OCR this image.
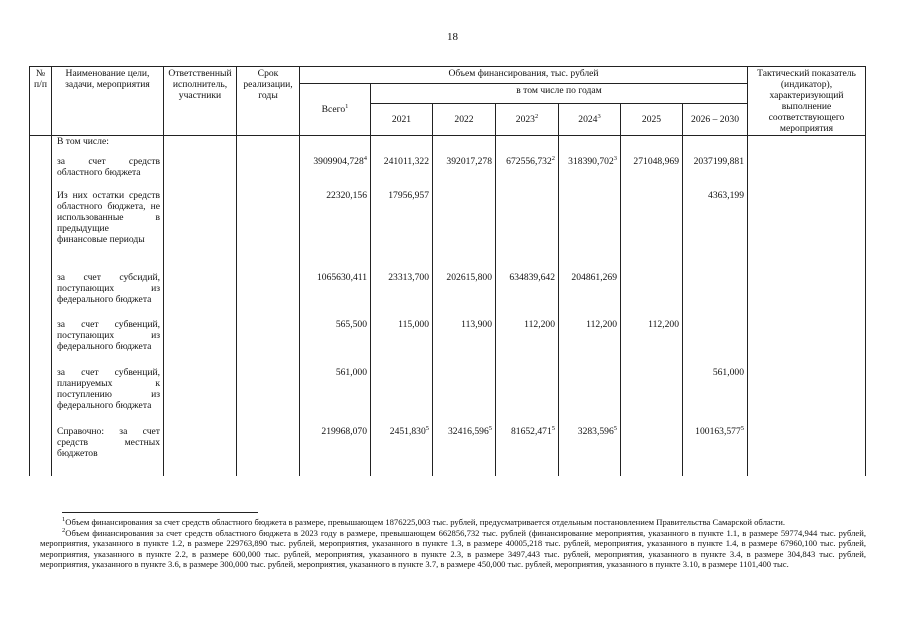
18
№ п/п	Наименование цели, задачи, мероприятия	Ответственный исполнитель, участники	Срок реализации, годы	Объем финансирования, тыс. рублей							Тактический показатель (индикатор), характеризующий выполнение соответствующего мероприятия
				Всего$^1$	в том числе по годам						
					2021	2022	2023$^2$	2024$^3$	2025	2026 – 2030	
	В том числе:										
	за счет средств областного бюджета			3909904,728$^4$	241011,322	392017,278	672556,732$^2$	318390,702$^3$	271048,969	2037199,881	
	Из них остатки средств областного бюджета, не использованные в предыдущие финансовые периоды			22320,156	17956,957					4363,199	
	за счет субсидий, поступающих из федерального бюджета			1065630,411	23313,700	202615,800	634839,642	204861,269			
	за счет субвенций, поступающих из федерального бюджета			565,500	115,000	113,900	112,200	112,200	112,200		
	за счет субвенций, планируемых к поступлению из федерального бюджета			561,000						561,000	
	Справочно: за счет средств местных бюджетов			219968,070	2451,830$^5$	32416,596$^5$	81652,471$^5$	3283,596$^5$		100163,577$^5$	

$^1$Объем финансирования за счет средств областного бюджета в размере, превышающем 1876225,003 тыс. рублей, предусматривается отдельным постановлением Правительства Самарской области.

$^2$Объем финансирования за счет средств областного бюджета в 2023 году в размере, превышающем 662856,732 тыс. рублей (финансирование мероприятия, указанного в пункте 1.1, в размере 59774,944 тыс. рублей, мероприятия, указанного в пункте 1.2, в размере 229763,890 тыс. рублей, мероприятия, указанного в пункте 1.3, в размере 40005,218 тыс. рублей, мероприятия, указанного в пункте 1.4, в размере 67960,100 тыс. рублей, мероприятия, указанного в пункте 2.2, в размере 600,000 тыс. рублей, мероприятия, указанного в пункте 2.3, в размере 3497,443 тыс. рублей, мероприятия, указанного в пункте 3.4, в размере 304,843 тыс. рублей, мероприятия, указанного в пункте 3.6, в размере 300,000 тыс. рублей, мероприятия, указанного в пункте 3.7, в размере 450,000 тыс. рублей, мероприятия, указанного в пункте 3.10, в размере 1101,400 тыс.
